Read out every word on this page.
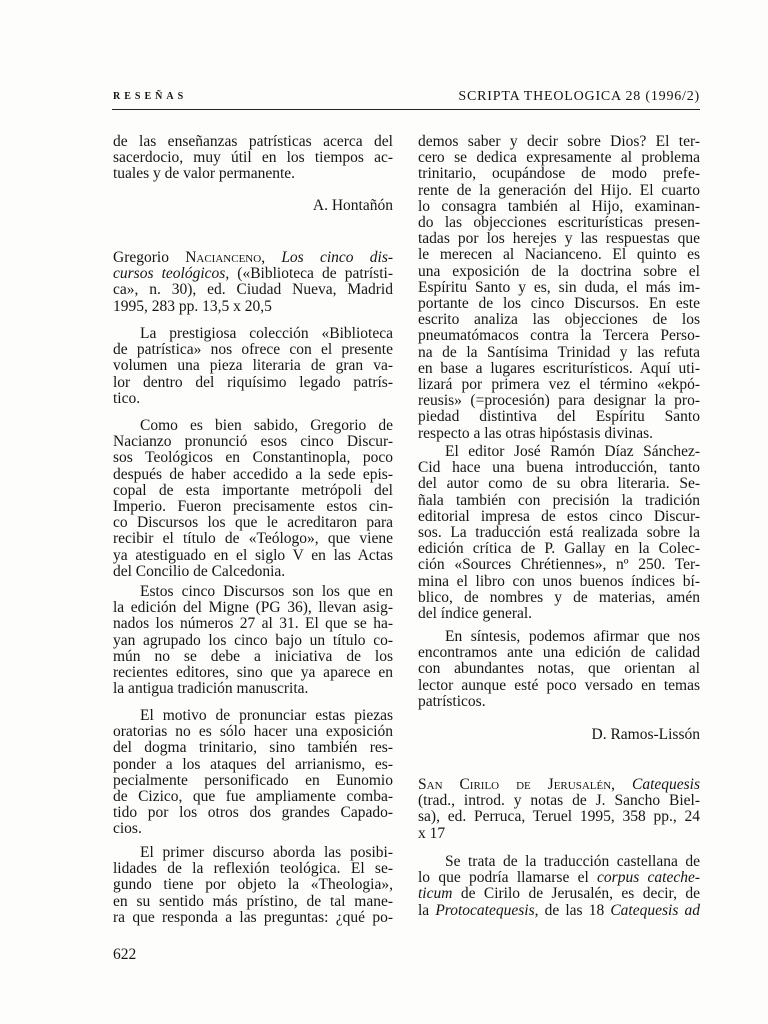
RESEÑAS	SCRIPTA THEOLOGICA 28 (1996/2)
de las enseñanzas patrísticas acerca del
sacerdocio, muy útil en los tiempos ac-
tuales y de valor permanente.
A. Hontañón
Gregorio Nacianceno, Los cinco dis-
cursos teológicos, («Biblioteca de patrísti-
ca», n. 30), ed. Ciudad Nueva, Madrid
1995, 283 pp. 13,5 x 20,5
La prestigiosa colección «Biblioteca
de patrística» nos ofrece con el presente
volumen una pieza literaria de gran va-
lor dentro del riquísimo legado patrís-
tico.
Como es bien sabido, Gregorio de
Nacianzo pronunció esos cinco Discur-
sos Teológicos en Constantinopla, poco
después de haber accedido a la sede epis-
copal de esta importante metrópoli del
Imperio. Fueron precisamente estos cin-
co Discursos los que le acreditaron para
recibir el título de «Teólogo», que viene
ya atestiguado en el siglo V en las Actas
del Concilio de Calcedonia.
Estos cinco Discursos son los que en
la edición del Migne (PG 36), llevan asig-
nados los números 27 al 31. El que se ha-
yan agrupado los cinco bajo un título co-
mún no se debe a iniciativa de los
recientes editores, sino que ya aparece en
la antigua tradición manuscrita.
El motivo de pronunciar estas piezas
oratorias no es sólo hacer una exposición
del dogma trinitario, sino también res-
ponder a los ataques del arrianismo, es-
pecialmente personificado en Eunomio
de Cizico, que fue ampliamente comba-
tido por los otros dos grandes Capado-
cios.
El primer discurso aborda las posibi-
lidades de la reflexión teológica. El se-
gundo tiene por objeto la «Theologia»,
en su sentido más prístino, de tal mane-
ra que responda a las preguntas: ¿qué po-
demos saber y decir sobre Dios? El ter-
cero se dedica expresamente al problema
trinitario, ocupándose de modo prefe-
rente de la generación del Hijo. El cuarto
lo consagra también al Hijo, examinan-
do las objecciones escriturísticas presen-
tadas por los herejes y las respuestas que
le merecen al Nacianceno. El quinto es
una exposición de la doctrina sobre el
Espíritu Santo y es, sin duda, el más im-
portante de los cinco Discursos. En este
escrito analiza las objecciones de los
pneumatómacos contra la Tercera Perso-
na de la Santísima Trinidad y las refuta
en base a lugares escriturísticos. Aquí uti-
lizará por primera vez el término «ekpó-
reusis» (=procesión) para designar la pro-
piedad distintiva del Espíritu Santo
respecto a las otras hipóstasis divinas.
El editor José Ramón Díaz Sánchez-
Cid hace una buena introducción, tanto
del autor como de su obra literaria. Se-
ñala también con precisión la tradición
editorial impresa de estos cinco Discur-
sos. La traducción está realizada sobre la
edición crítica de P. Gallay en la Colec-
ción «Sources Chrétiennes», nº 250. Ter-
mina el libro con unos buenos índices bí-
blico, de nombres y de materias, amén
del índice general.
En síntesis, podemos afirmar que nos
encontramos ante una edición de calidad
con abundantes notas, que orientan al
lector aunque esté poco versado en temas
patrísticos.
D. Ramos-Lissón
San Cirilo de Jerusalén, Catequesis
(trad., introd. y notas de J. Sancho Biel-
sa), ed. Perruca, Teruel 1995, 358 pp., 24
x 17
Se trata de la traducción castellana de
lo que podría llamarse el corpus cateche-
ticum de Cirilo de Jerusalén, es decir, de
la Protocatequesis, de las 18 Catequesis ad
622
